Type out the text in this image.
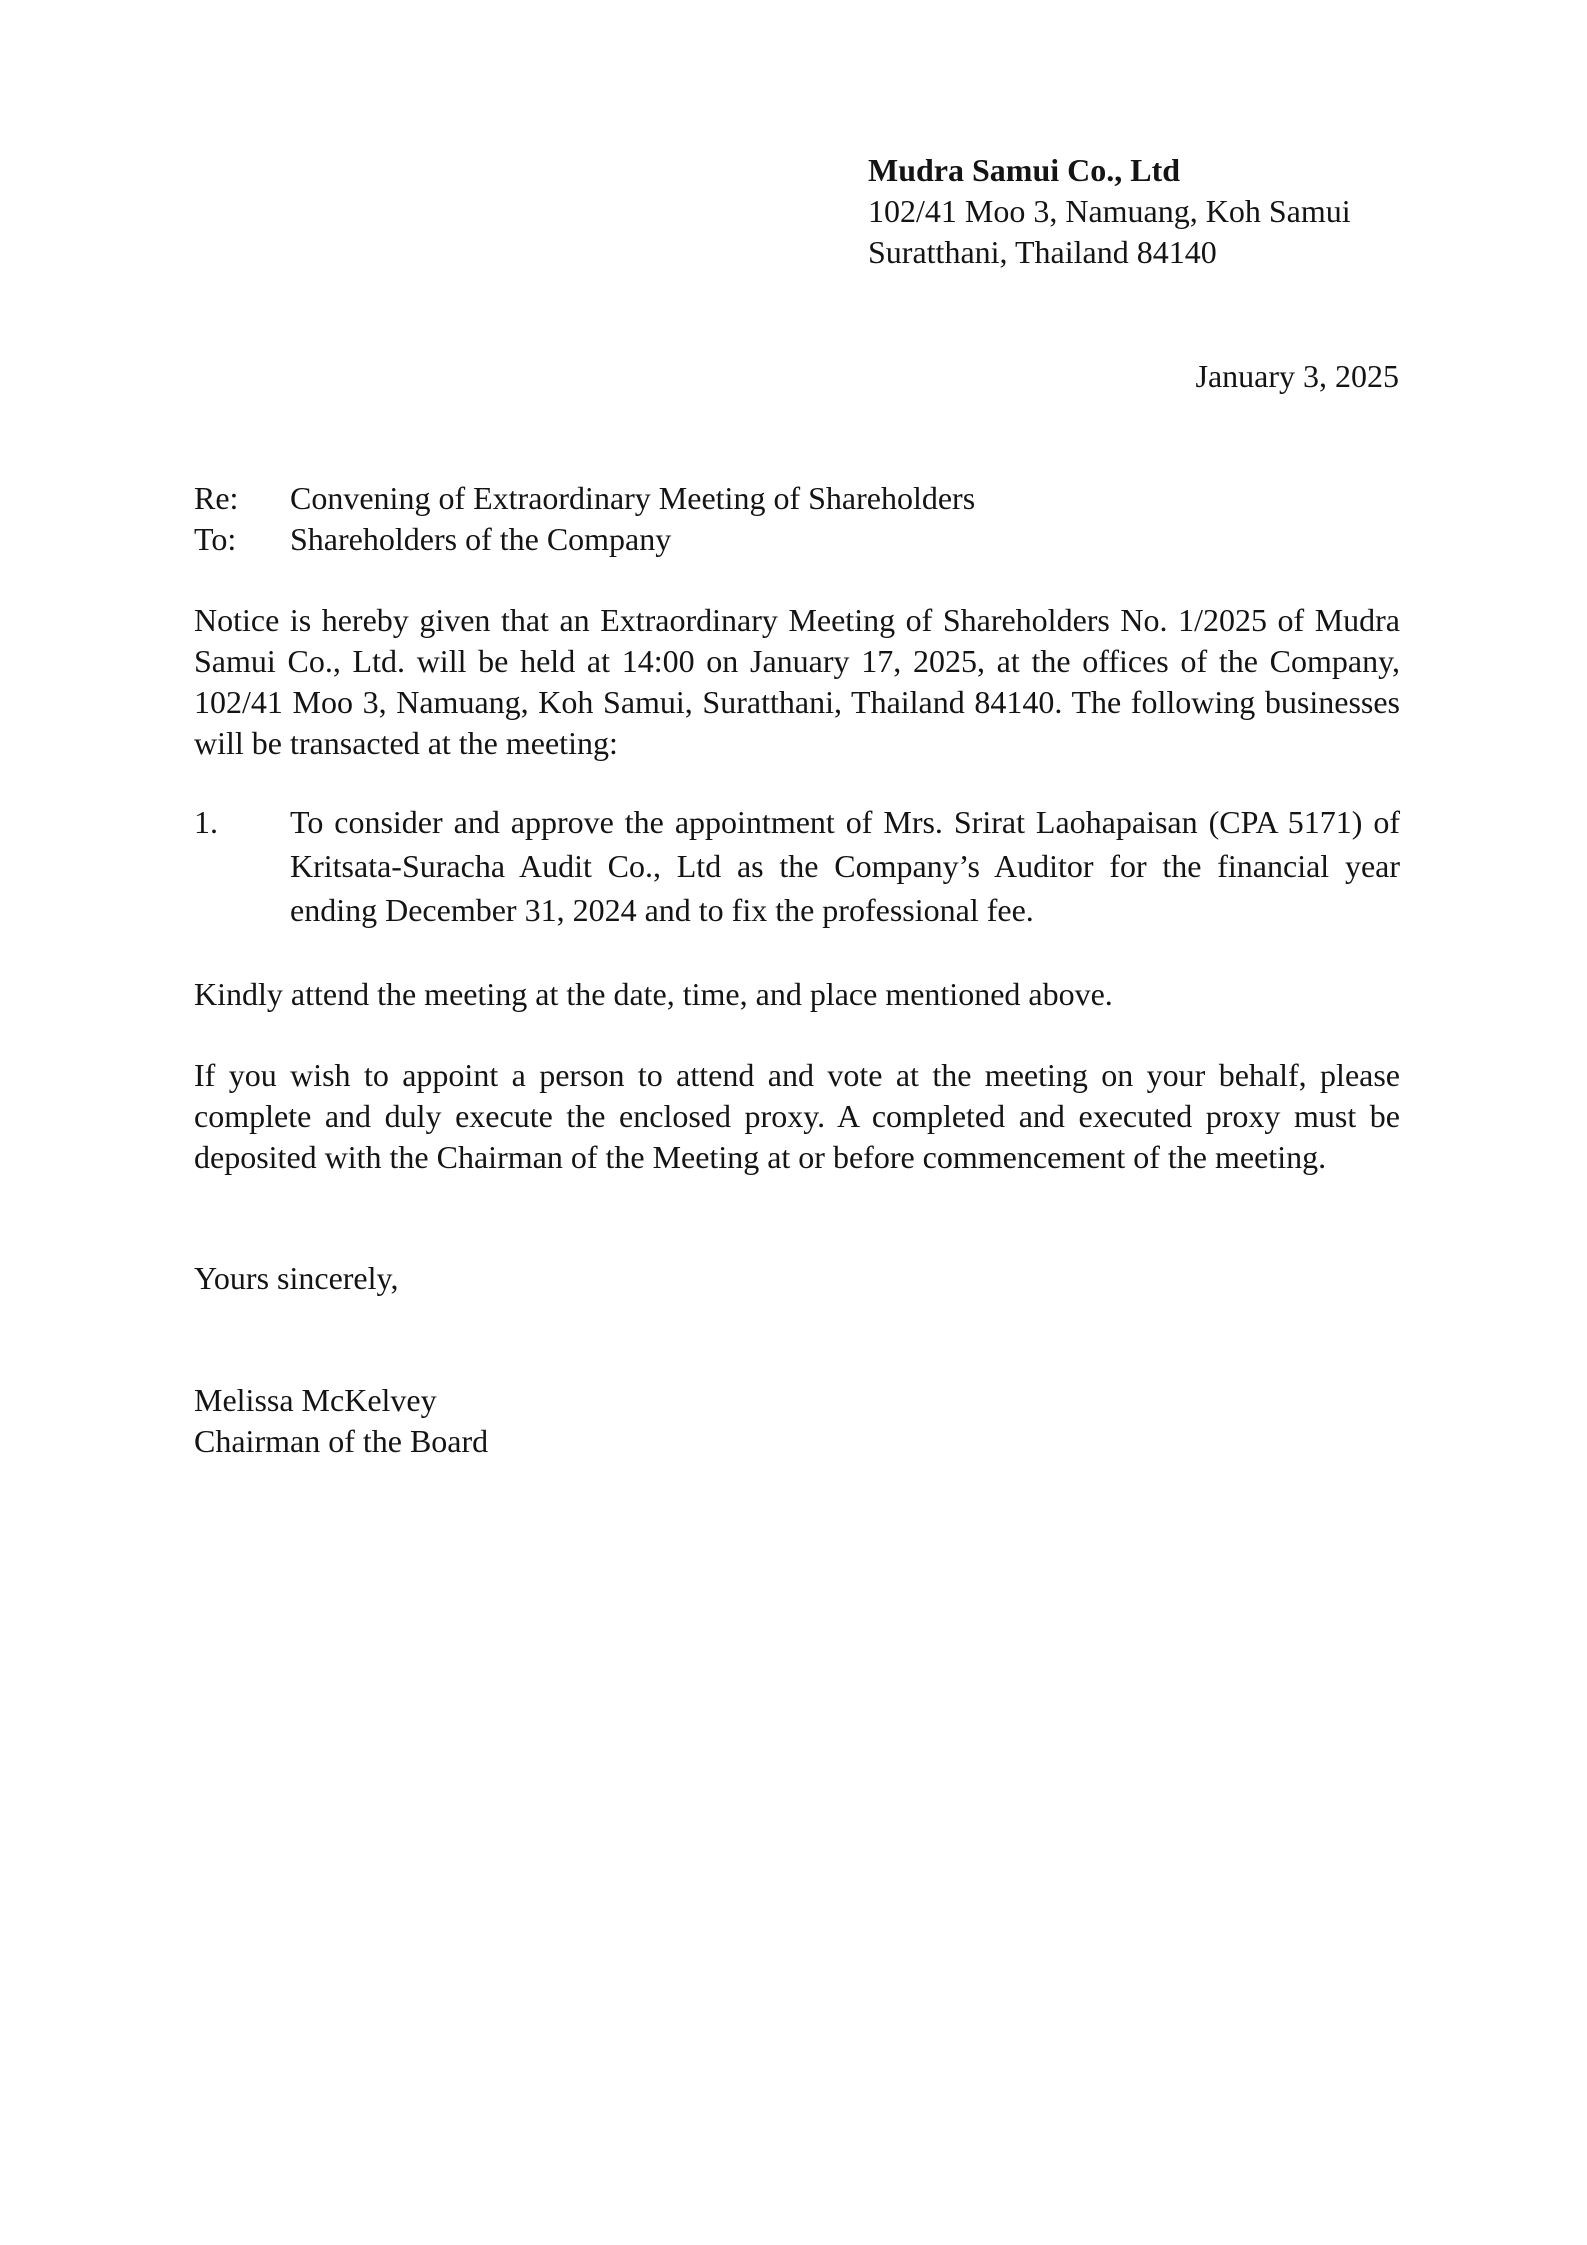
Mudra Samui Co., Ltd
102/41 Moo 3, Namuang, Koh Samui
Suratthani, Thailand 84140
January 3, 2025
Re:	Convening of Extraordinary Meeting of Shareholders
To:	Shareholders of the Company
Notice is hereby given that an Extraordinary Meeting of Shareholders No. 1/2025 of Mudra Samui Co., Ltd. will be held at 14:00 on January 17, 2025, at the offices of the Company, 102/41 Moo 3, Namuang, Koh Samui, Suratthani, Thailand 84140. The following businesses will be transacted at the meeting:
1.	To consider and approve the appointment of Mrs. Srirat Laohapaisan (CPA 5171) of Kritsata-Suracha Audit Co., Ltd as the Company’s Auditor for the financial year ending December 31, 2024 and to fix the professional fee.
Kindly attend the meeting at the date, time, and place mentioned above.
If you wish to appoint a person to attend and vote at the meeting on your behalf, please complete and duly execute the enclosed proxy. A completed and executed proxy must be deposited with the Chairman of the Meeting at or before commencement of the meeting.
Yours sincerely,
Melissa McKelvey
Chairman of the Board
